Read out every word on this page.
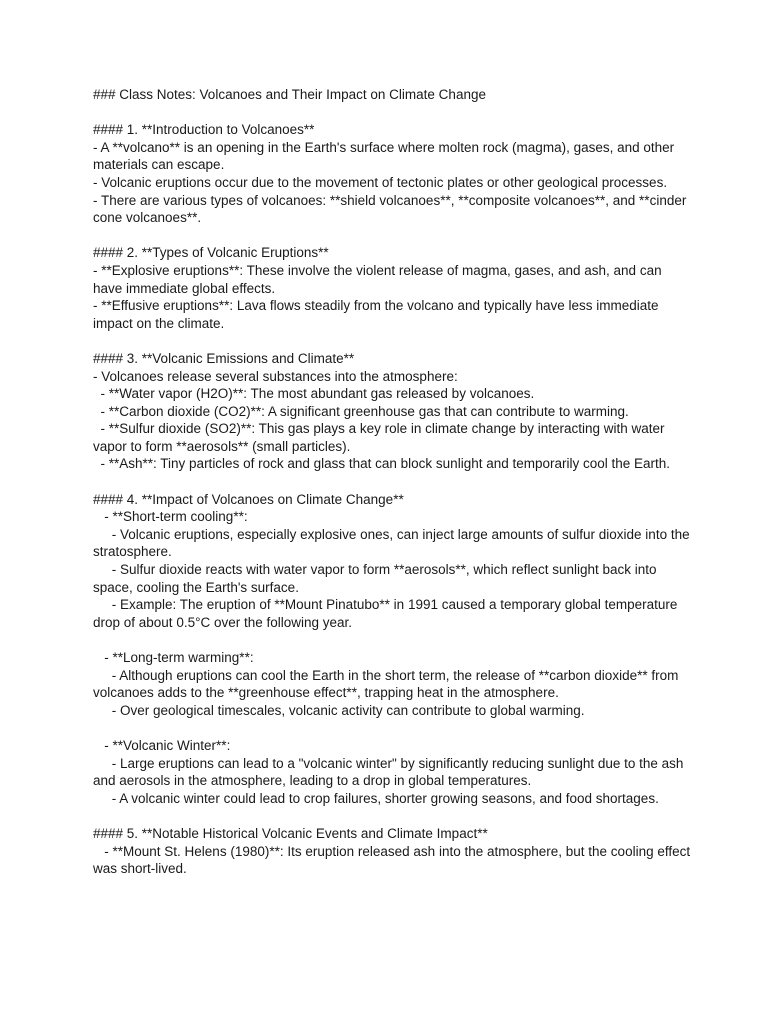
### Class Notes: Volcanoes and Their Impact on Climate Change

#### 1. **Introduction to Volcanoes**

- A **volcano** is an opening in the Earth's surface where molten rock (magma), gases, and other materials can escape.

- Volcanic eruptions occur due to the movement of tectonic plates or other geological processes.

- There are various types of volcanoes: **shield volcanoes**, **composite volcanoes**, and **cinder cone volcanoes**.

#### 2. **Types of Volcanic Eruptions**

- **Explosive eruptions**: These involve the violent release of magma, gases, and ash, and can have immediate global effects.

- **Effusive eruptions**: Lava flows steadily from the volcano and typically have less immediate impact on the climate.

#### 3. **Volcanic Emissions and Climate**

- Volcanoes release several substances into the atmosphere:

- **Water vapor (H2O)**: The most abundant gas released by volcanoes.

- **Carbon dioxide (CO2)**: A significant greenhouse gas that can contribute to warming.

- **Sulfur dioxide (SO2)**: This gas plays a key role in climate change by interacting with water vapor to form **aerosols** (small particles).

- **Ash**: Tiny particles of rock and glass that can block sunlight and temporarily cool the Earth.

#### 4. **Impact of Volcanoes on Climate Change**

- **Short-term cooling**:

- Volcanic eruptions, especially explosive ones, can inject large amounts of sulfur dioxide into the stratosphere.

- Sulfur dioxide reacts with water vapor to form **aerosols**, which reflect sunlight back into space, cooling the Earth's surface.

- Example: The eruption of **Mount Pinatubo** in 1991 caused a temporary global temperature drop of about 0.5°C over the following year.

- **Long-term warming**:

- Although eruptions can cool the Earth in the short term, the release of **carbon dioxide** from volcanoes adds to the **greenhouse effect**, trapping heat in the atmosphere.

- Over geological timescales, volcanic activity can contribute to global warming.

- **Volcanic Winter**:

- Large eruptions can lead to a "volcanic winter" by significantly reducing sunlight due to the ash and aerosols in the atmosphere, leading to a drop in global temperatures.

- A volcanic winter could lead to crop failures, shorter growing seasons, and food shortages.

#### 5. **Notable Historical Volcanic Events and Climate Impact**

- **Mount St. Helens (1980)**: Its eruption released ash into the atmosphere, but the cooling effect was short-lived.
